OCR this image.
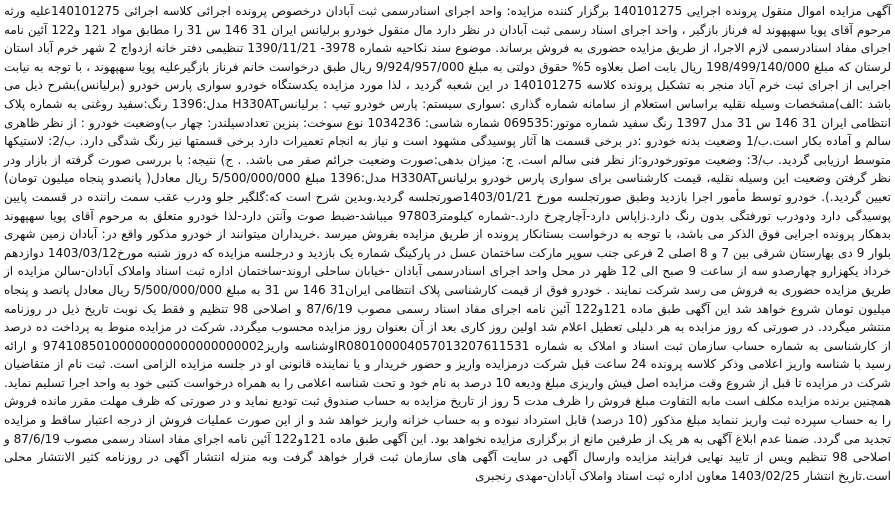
آگهی مزایده اموال منقول پرونده اجرایی 140101275 برگزار کننده مزایده: واحد اجرای اسنادرسمی ثبت آبادان درخصوص پرونده اجرائی کلاسه اجرائی 140101275علیه ورثه مرحوم آقای پویا سهپهوند له فرناز بازگیر ، واحد اجرای اسناد رسمی ثبت آبادان در نظر دارد مال منقول خودرو برلیانس ایران 31 146 س 31 را مطابق مواد 121 و122 آئین نامه اجرای مفاد اسنادرسمی لازم الاجرا، از طریق مزایده حضوری به فروش برساند. موضوع سند نکاحیه شماره 3978- 1390/11/21 تنظیمی دفتر خانه ازدواج 2 شهر خرم آباد استان لرستان که مبلغ 198/499/140/000 ریال بابت اصل بعلاوه 5% حقوق دولتی به مبلغ 9/924/957/000 ریال طبق درخواست خانم فرناز بازگیرعلیه پویا سهپهوند ، با توجه به نیابت اجرایی از اجرای ثبت خرم آباد منجر به تشکیل پرونده کلاسه 140101275 در این شعبه گردید ، لذا مورد مزایده یکدستگاه خودرو سواری پارس خودرو (برلیانس)بشرح ذیل می باشد :الف)مشخصات وسیله نقلیه براساس استعلام از سامانه شماره گذاری :سواری سیستم: پارس خودرو تیپ : برلیانسH330AT مدل:1396 رنگ:سفید روغنی به شماره پلاک انتظامی ایران 31 146 س 31 مدل 1397 رنگ سفید شماره موتور:069535 شماره شاسی: 1034236 نوع سوخت: بنزین تعدادسیلندر: چهار ب)وضعیت خودرو : از نظر ظاهری سالم و آماده بکار است.ب/1 وضعیت بدنه خودرو :در برخی قسمت ها آثار پوسیدگی مشهود است و نیاز به انجام تعمیرات دارد برخی قسمتها نیز رنگ شدگی دارد. ب/2: لاستیکها متوسط ارزیابی گردید. ب/3: وضعیت موتورخودرو:از نظر فنی سالم است. ج: میزان بدهی:صورت وضعیت جرائم صفر می باشد. . ج) نتیجه: با بررسی صورت گرفته از بازار ودر نظر گرفتن وضعیت این وسیله نقلیه، قیمت کارشناسی برای سواری پارس خودرو برلیانسH330AT مدل:1396 مبلغ 5/500/000/000 ریال معادل( پانصدو پنجاه میلیون تومان) تعیین گردید.). خودرو توسط مأمور اجرا بازدید وطبق صورتجلسه مورخ 1403/01/21صورتجلسه گردید.وبدین شرح است که:گلگیر جلو ودرب عقب سمت راننده در قسمت پایین پوسیدگی دارد ودودرب تورفتگی بدون رنگ دارد.زاپاس دارد-آچارچرخ دارد.-شماره کیلومتر97803 میباشد-ضبط صوت وآنتن دارد-لذا خودرو متعلق به مرحوم آقای پویا سهپهوند بدهکار پرونده اجرایی فوق الذکر می باشد، با توجه به درخواست بستانکار پرونده از طریق مزایده بفروش میرسد .خریداران میتوانند از خودرو مذکور واقع در: آبادان زمین شهری بلوار 9 دی بهارستان شرقی بین 7 و 8 اصلی 2 فرعی جنب سوپر مارکت ساختمان عسل در پارکینگ شماره یک بازدید و درجلسه مزایده که دروز شنبه مورخ1403/03/12 دوازدهم خرداد یکهزارو چهارصدو سه از ساعت 9 صبح الی 12 ظهر در محل واحد اجرای اسنادرسمی آبادان -خیابان ساحلی اروند-ساختمان اداره ثبت اسناد واملاک آبادان-سالن مزایده از طریق مزایده حضوری به فروش می رسد شرکت نمایند . خودرو فوق از قیمت کارشناسی پلاک انتظامی ایران31 146 س 31 به مبلغ 5/500/000/000 ریال معادل پانصد و پنجاه میلیون تومان شروع خواهد شد این آگهی طبق ماده 121و122 آئین نامه اجرای مفاد اسناد رسمی مصوب 87/6/19 و اصلاحی 98 تنظیم و فقط یک نوبت تاریخ ذیل در روزنامه منتشر میگردد. در صورتی که روز مزایده به هر دلیلی تعطیل اعلام شد اولین روز کاری بعد از آن بعنوان روز مزایده محسوب میگردد. شرکت در مزایده منوط به پرداخت ده درصد از کارشناسی به شماره حساب سازمان ثبت اسناد و املاک به شماره IR080100004057013207611531وشناسه واریز97410850100000000000000000002 و ارائه رسید با شناسه واریز اعلامی وذکر کلاسه پرونده 24 ساعت قبل شرکت درمزایده واریز و حضور خریدار و یا نماینده قانونی او در جلسه مزایده الزامی است. ثبت نام از متقاضیان شرکت در مزایده تا قبل از شروع وقت مزایده اصل فیش واریزی مبلغ ودیعه 10 درصد به نام خود و تحت شناسه اعلامی را به همراه درخواست کتبی خود به واحد اجرا تسلیم نماید. همچنین برنده مزایده مکلف است مابه التفاوت مبلغ فروش را ظرف مدت 5 روز از تاریخ مزایده به حساب صندوق ثبت تودیع نماید و در صورتی که ظرف مهلت مقرر مانده فروش را به حساب سپرده ثبت واریز ننماید مبلغ مذکور (10 درصد) قابل استرداد نبوده و به حساب خزانه واریز خواهد شد و از این صورت عملیات فروش از درجه اعتبار ساقط و مزایده تجدید می گردد. ضمنا عدم ابلاغ آگهی به هر یک از طرفین مانع از برگزاری مزایده نخواهد بود. این آگهی طبق ماده 121و122 آئین نامه اجرای مفاد اسناد رسمی مصوب 87/6/19 و اصلاحی 98 تنظیم ویس از تایید نهایی فرایند مزایده وارسال آگهی در سایت آگهی های سازمان ثبت قرار خواهد گرفت وبه منزله انتشار آگهی در روزنامه کثیر الانتشار محلی است.تاریخ انتشار 1403/02/25 معاون اداره ثبت اسناد واملاک آبادان-مهدی رنجبری
